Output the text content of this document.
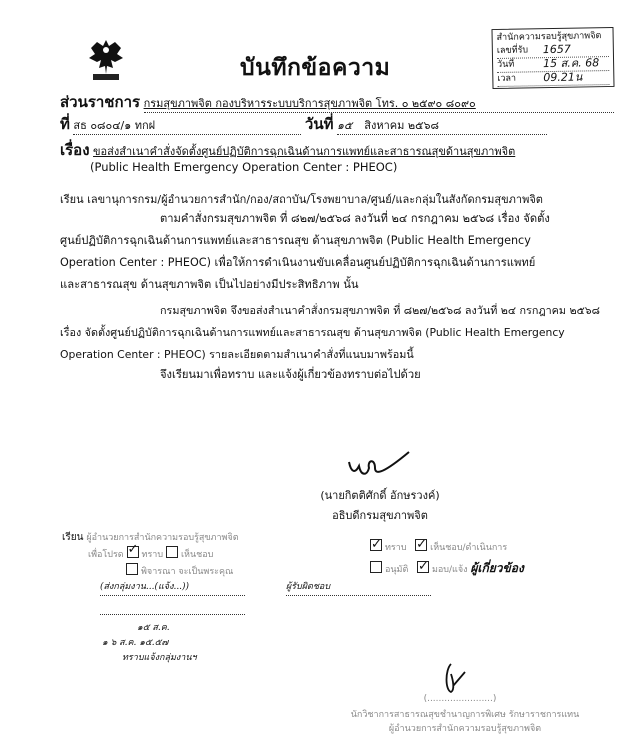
บันทึกข้อความ
สำนักความรอบรู้สุขภาพจิต
เลขที่รับ 1657
วันที่	15 ส.ค. 68
เวลา 09.21น
ส่วนราชการ กรมสุขภาพจิต กองบริหารระบบบริการสุขภาพจิต โทร. ๐ ๒๕๙๐ ๘๐๙๐
ที่ สธ ๐๘๐๔/๑ ทกฝ	วันที่ ๑๕ สิงหาคม ๒๕๖๘
เรื่อง ขอส่งสำเนาคำสั่งจัดตั้งศูนย์ปฏิบัติการฉุกเฉินด้านการแพทย์และสาธารณสุขด้านสุขภาพจิต
(Public Health Emergency Operation Center : PHEOC)
เรียน เลขานุการกรม/ผู้อำนวยการสำนัก/กอง/สถาบัน/โรงพยาบาล/ศูนย์/และกลุ่มในสังกัดกรมสุขภาพจิต
ตามคำสั่งกรมสุขภาพจิต ที่ ๘๒๗/๒๕๖๘ ลงวันที่ ๒๔ กรกฎาคม ๒๕๖๘ เรื่อง จัดตั้ง
ศูนย์ปฏิบัติการฉุกเฉินด้านการแพทย์และสาธารณสุข ด้านสุขภาพจิต (Public Health Emergency
Operation Center : PHEOC) เพื่อให้การดำเนินงานขับเคลื่อนศูนย์ปฏิบัติการฉุกเฉินด้านการแพทย์
และสาธารณสุข ด้านสุขภาพจิต เป็นไปอย่างมีประสิทธิภาพ นั้น
กรมสุขภาพจิต จึงขอส่งสำเนาคำสั่งกรมสุขภาพจิต ที่ ๘๒๗/๒๕๖๘ ลงวันที่ ๒๔ กรกฎาคม ๒๕๖๘
เรื่อง จัดตั้งศูนย์ปฏิบัติการฉุกเฉินด้านการแพทย์และสาธารณสุข ด้านสุขภาพจิต (Public Health Emergency
Operation Center : PHEOC) รายละเอียดตามสำเนาคำสั่งที่แนบมาพร้อมนี้
จึงเรียนมาเพื่อทราบ และแจ้งผู้เกี่ยวข้องทราบต่อไปด้วย
(นายกิตติศักดิ์ อักษรวงค์)
อธิบดีกรมสุขภาพจิต
เรียน ผู้อำนวยการสำนักความรอบรู้สุขภาพจิต
เพื่อโปรด ✓ ทราบ เห็นชอบ
พิจารณา จะเป็นพระคุณ
(ส่งกลุ่มงาน...(แจ้ง...))	ผู้รับผิดชอบ
๑๕ ส.ค.
๑ ๖ ส.ค. ๑๕.๕๗
ทราบแจ้งกลุ่มงานฯ
✓ทราบ ✓	เห็นชอบ/ดำเนินการ
อนุมัติ ✓	มอบ/แจ้ง ผู้เกี่ยวข้อง
(.......................)
นักวิชาการสาธารณสุขชำนาญการพิเศษ รักษาราชการแทน
ผู้อำนวยการสำนักความรอบรู้สุขภาพจิต
